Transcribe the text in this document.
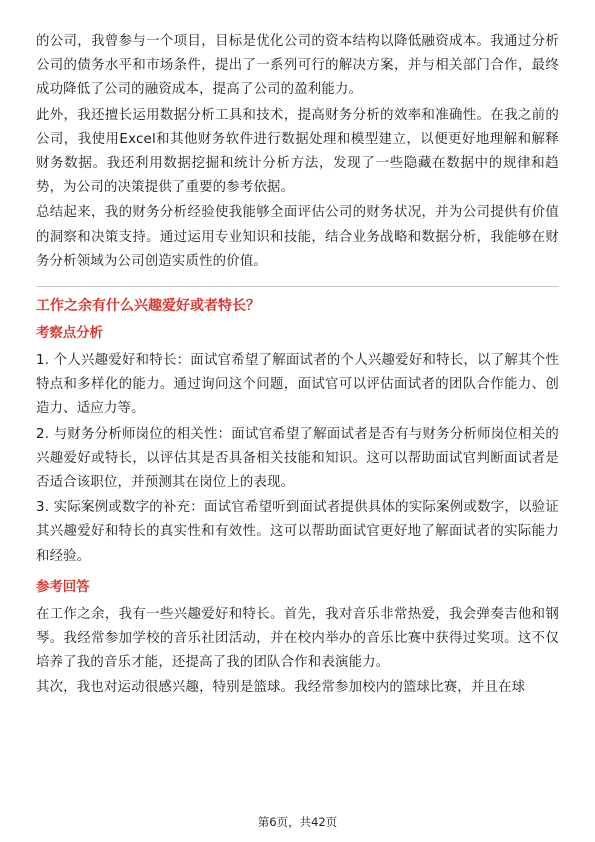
的公司，我曾参与一个项目，目标是优化公司的资本结构以降低融资成本。我通过分析公司的债务水平和市场条件，提出了一系列可行的解决方案，并与相关部门合作，最终成功降低了公司的融资成本，提高了公司的盈利能力。

此外，我还擅长运用数据分析工具和技术，提高财务分析的效率和准确性。在我之前的公司，我使用Excel和其他财务软件进行数据处理和模型建立，以便更好地理解和解释财务数据。我还利用数据挖掘和统计分析方法，发现了一些隐藏在数据中的规律和趋势，为公司的决策提供了重要的参考依据。

总结起来，我的财务分析经验使我能够全面评估公司的财务状况，并为公司提供有价值的洞察和决策支持。通过运用专业知识和技能，结合业务战略和数据分析，我能够在财务分析领域为公司创造实质性的价值。

工作之余有什么兴趣爱好或者特长？
考察点分析

1. 个人兴趣爱好和特长：面试官希望了解面试者的个人兴趣爱好和特长，以了解其个性特点和多样化的能力。通过询问这个问题，面试官可以评估面试者的团队合作能力、创造力、适应力等。

2. 与财务分析师岗位的相关性：面试官希望了解面试者是否有与财务分析师岗位相关的兴趣爱好或特长，以评估其是否具备相关技能和知识。这可以帮助面试官判断面试者是否适合该职位，并预测其在岗位上的表现。

3. 实际案例或数字的补充：面试官希望听到面试者提供具体的实际案例或数字，以验证其兴趣爱好和特长的真实性和有效性。这可以帮助面试官更好地了解面试者的实际能力和经验。

参考回答

在工作之余，我有一些兴趣爱好和特长。首先，我对音乐非常热爱，我会弹奏吉他和钢琴。我经常参加学校的音乐社团活动，并在校内举办的音乐比赛中获得过奖项。这不仅培养了我的音乐才能，还提高了我的团队合作和表演能力。

其次，我也对运动很感兴趣，特别是篮球。我经常参加校内的篮球比赛，并且在球

第6页，共42页
